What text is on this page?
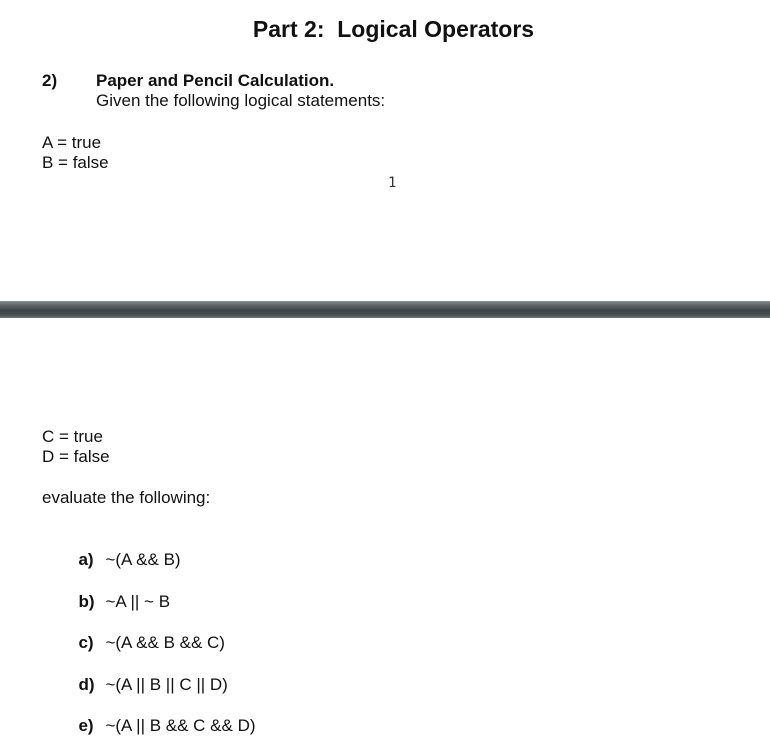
Part 2:  Logical Operators
2) Paper and Pencil Calculation.
Given the following logical statements:
A = true
B = false
1
C = true
D = false
evaluate the following:

a) ~(A && B)

b) ~A || ~ B

c) ~(A && B && C)

d) ~(A || B || C || D)

e) ~(A || B && C && D)
